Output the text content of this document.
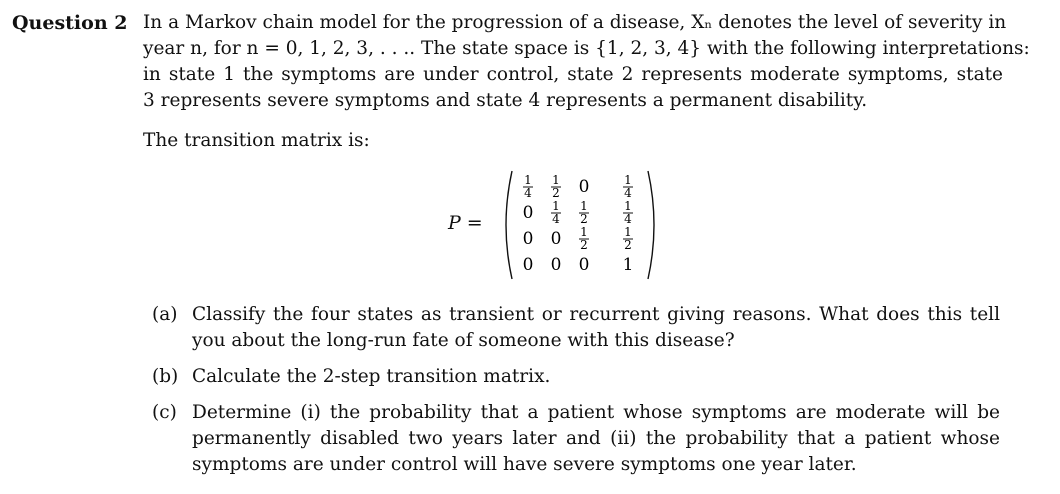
Question 2 In a Markov chain model for the progression of a disease, Xₙ denotes the level of severity in
year n, for n = 0, 1, 2, 3, . . .. The state space is {1, 2, 3, 4} with the following interpretations:
in state 1 the symptoms are under control, state 2 represents moderate symptoms, state
3 represents severe symptoms and state 4 represents a permanent disability.
The transition matrix is:
P =
1
4
1
2 0	1
4
0 1
4
1
2
1
4
0 0 1
2
1
2
0 0 0 1
(a) Classify the four states as transient or recurrent giving reasons. What does this tell
you about the long-run fate of someone with this disease?
(b) Calculate the 2-step transition matrix.
(c) Determine (i) the probability that a patient whose symptoms are moderate will be
permanently disabled two years later and (ii) the probability that a patient whose
symptoms are under control will have severe symptoms one year later.
